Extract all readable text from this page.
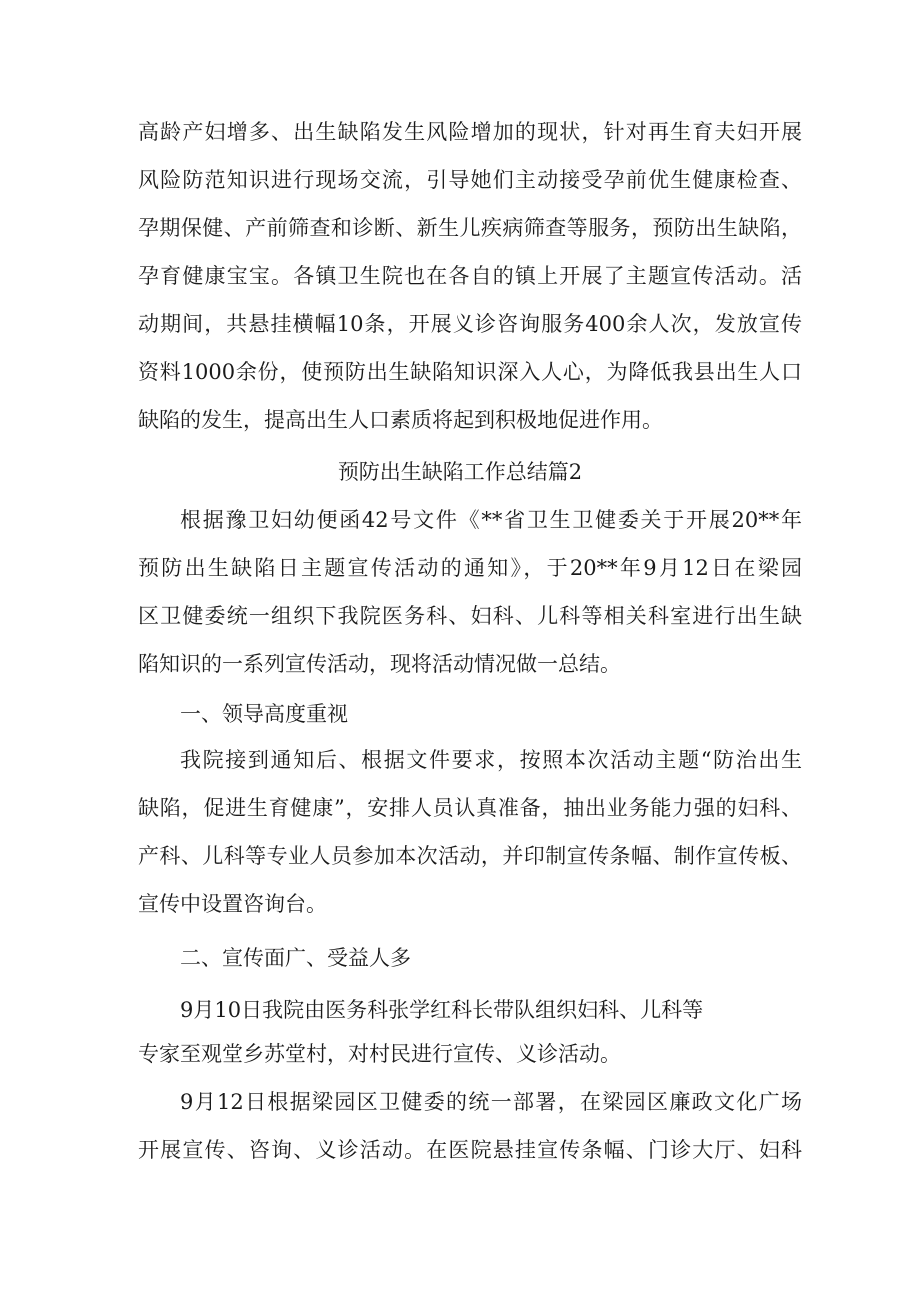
高龄产妇增多、出生缺陷发生风险增加的现状，针对再生育夫妇开展
风险防范知识进行现场交流，引导她们主动接受孕前优生健康检查、
孕期保健、产前筛查和诊断、新生儿疾病筛查等服务，预防出生缺陷，
孕育健康宝宝。各镇卫生院也在各自的镇上开展了主题宣传活动。活
动期间，共悬挂横幅10条，开展义诊咨询服务400余人次，发放宣传
资料1000余份，使预防出生缺陷知识深入人心，为降低我县出生人口
缺陷的发生，提高出生人口素质将起到积极地促进作用。
预防出生缺陷工作总结篇2
根据豫卫妇幼便函42号文件《**省卫生卫健委关于开展20**年
预防出生缺陷日主题宣传活动的通知》，于20**年9月12日在梁园
区卫健委统一组织下我院医务科、妇科、儿科等相关科室进行出生缺
陷知识的一系列宣传活动，现将活动情况做一总结。
一、领导高度重视
我院接到通知后、根据文件要求，按照本次活动主题“防治出生
缺陷，促进生育健康”，安排人员认真准备，抽出业务能力强的妇科、
产科、儿科等专业人员参加本次活动，并印制宣传条幅、制作宣传板、
宣传中设置咨询台。
二、宣传面广、受益人多
9月10日我院由医务科张学红科长带队组织妇科、儿科等
专家至观堂乡苏堂村，对村民进行宣传、义诊活动。
9月12日根据梁园区卫健委的统一部署，在梁园区廉政文化广场
开展宣传、咨询、义诊活动。在医院悬挂宣传条幅、门诊大厅、妇科
